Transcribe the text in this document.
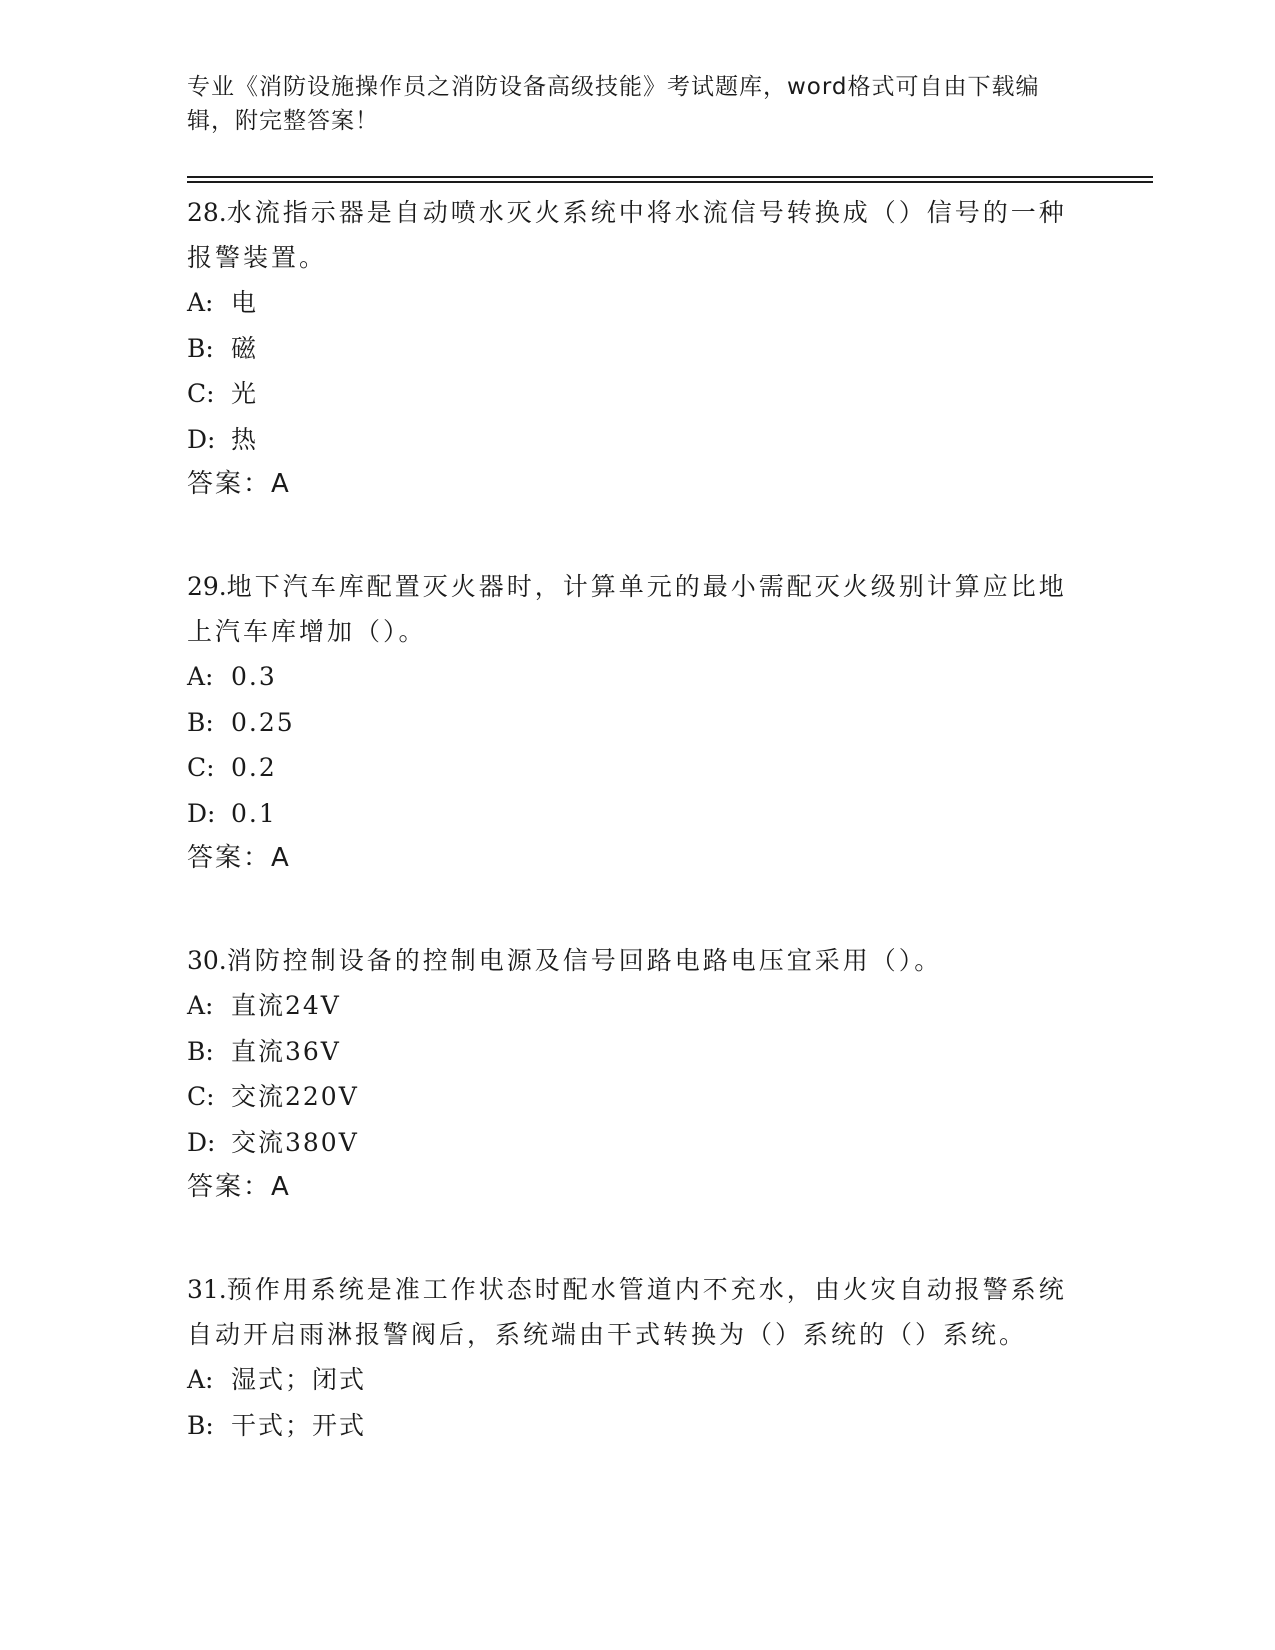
专业《消防设施操作员之消防设备高级技能》考试题库，word格式可自由下载编辑，附完整答案！

28.水流指示器是自动喷水灭火系统中将水流信号转换成（）信号的一种报警装置。

A: 电

B: 磁

C: 光

D: 热

答案：A

29.地下汽车库配置灭火器时，计算单元的最小需配灭火级别计算应比地上汽车库增加（）。

A: 0.3

B: 0.25

C: 0.2

D: 0.1

答案：A

30.消防控制设备的控制电源及信号回路电路电压宜采用（）。

A: 直流24V

B: 直流36V

C: 交流220V

D: 交流380V

答案：A

31.预作用系统是准工作状态时配水管道内不充水，由火灾自动报警系统自动开启雨淋报警阀后，系统端由干式转换为（）系统的（）系统。

A: 湿式；闭式

B: 干式；开式
